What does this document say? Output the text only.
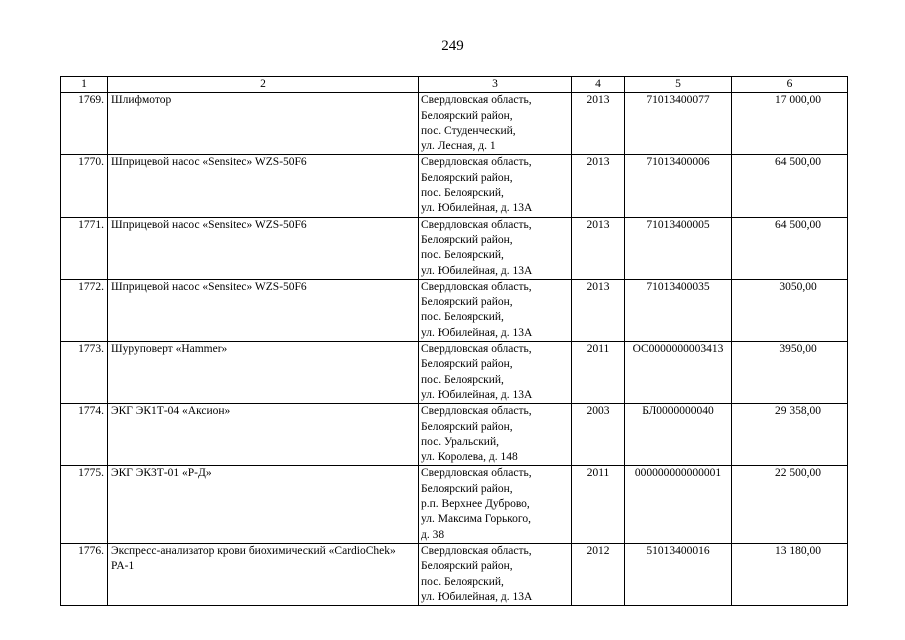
249
1	2	3	4	5	6
1769.	Шлифмотор	Свердловская область,
Белоярский район,
пос. Студенческий,
ул. Лесная, д. 1	2013	71013400077	17 000,00
1770.	Шприцевой насос «Sensitec» WZS-50F6	Свердловская область,
Белоярский район,
пос. Белоярский,
ул. Юбилейная, д. 13А	2013	71013400006	64 500,00
1771.	Шприцевой насос «Sensitec» WZS-50F6	Свердловская область,
Белоярский район,
пос. Белоярский,
ул. Юбилейная, д. 13А	2013	71013400005	64 500,00
1772.	Шприцевой насос «Sensitec» WZS-50F6	Свердловская область,
Белоярский район,
пос. Белоярский,
ул. Юбилейная, д. 13А	2013	71013400035	3050,00
1773.	Шуруповерт «Hammer»	Свердловская область,
Белоярский район,
пос. Белоярский,
ул. Юбилейная, д. 13А	2011	ОС0000000003413	3950,00
1774.	ЭКГ ЭК1Т-04 «Аксион»	Свердловская область,
Белоярский район,
пос. Уральский,
ул. Королева, д. 148	2003	БЛ0000000040	29 358,00
1775.	ЭКГ ЭК3Т-01 «Р-Д»	Свердловская область,
Белоярский район,
р.п. Верхнее Дуброво,
ул. Максима Горького,
д. 38	2011	000000000000001	22 500,00
1776.	Экспресс-анализатор крови биохимический «CardioChek» PA-1	Свердловская область,
Белоярский район,
пос. Белоярский,
ул. Юбилейная, д. 13А	2012	51013400016	13 180,00
